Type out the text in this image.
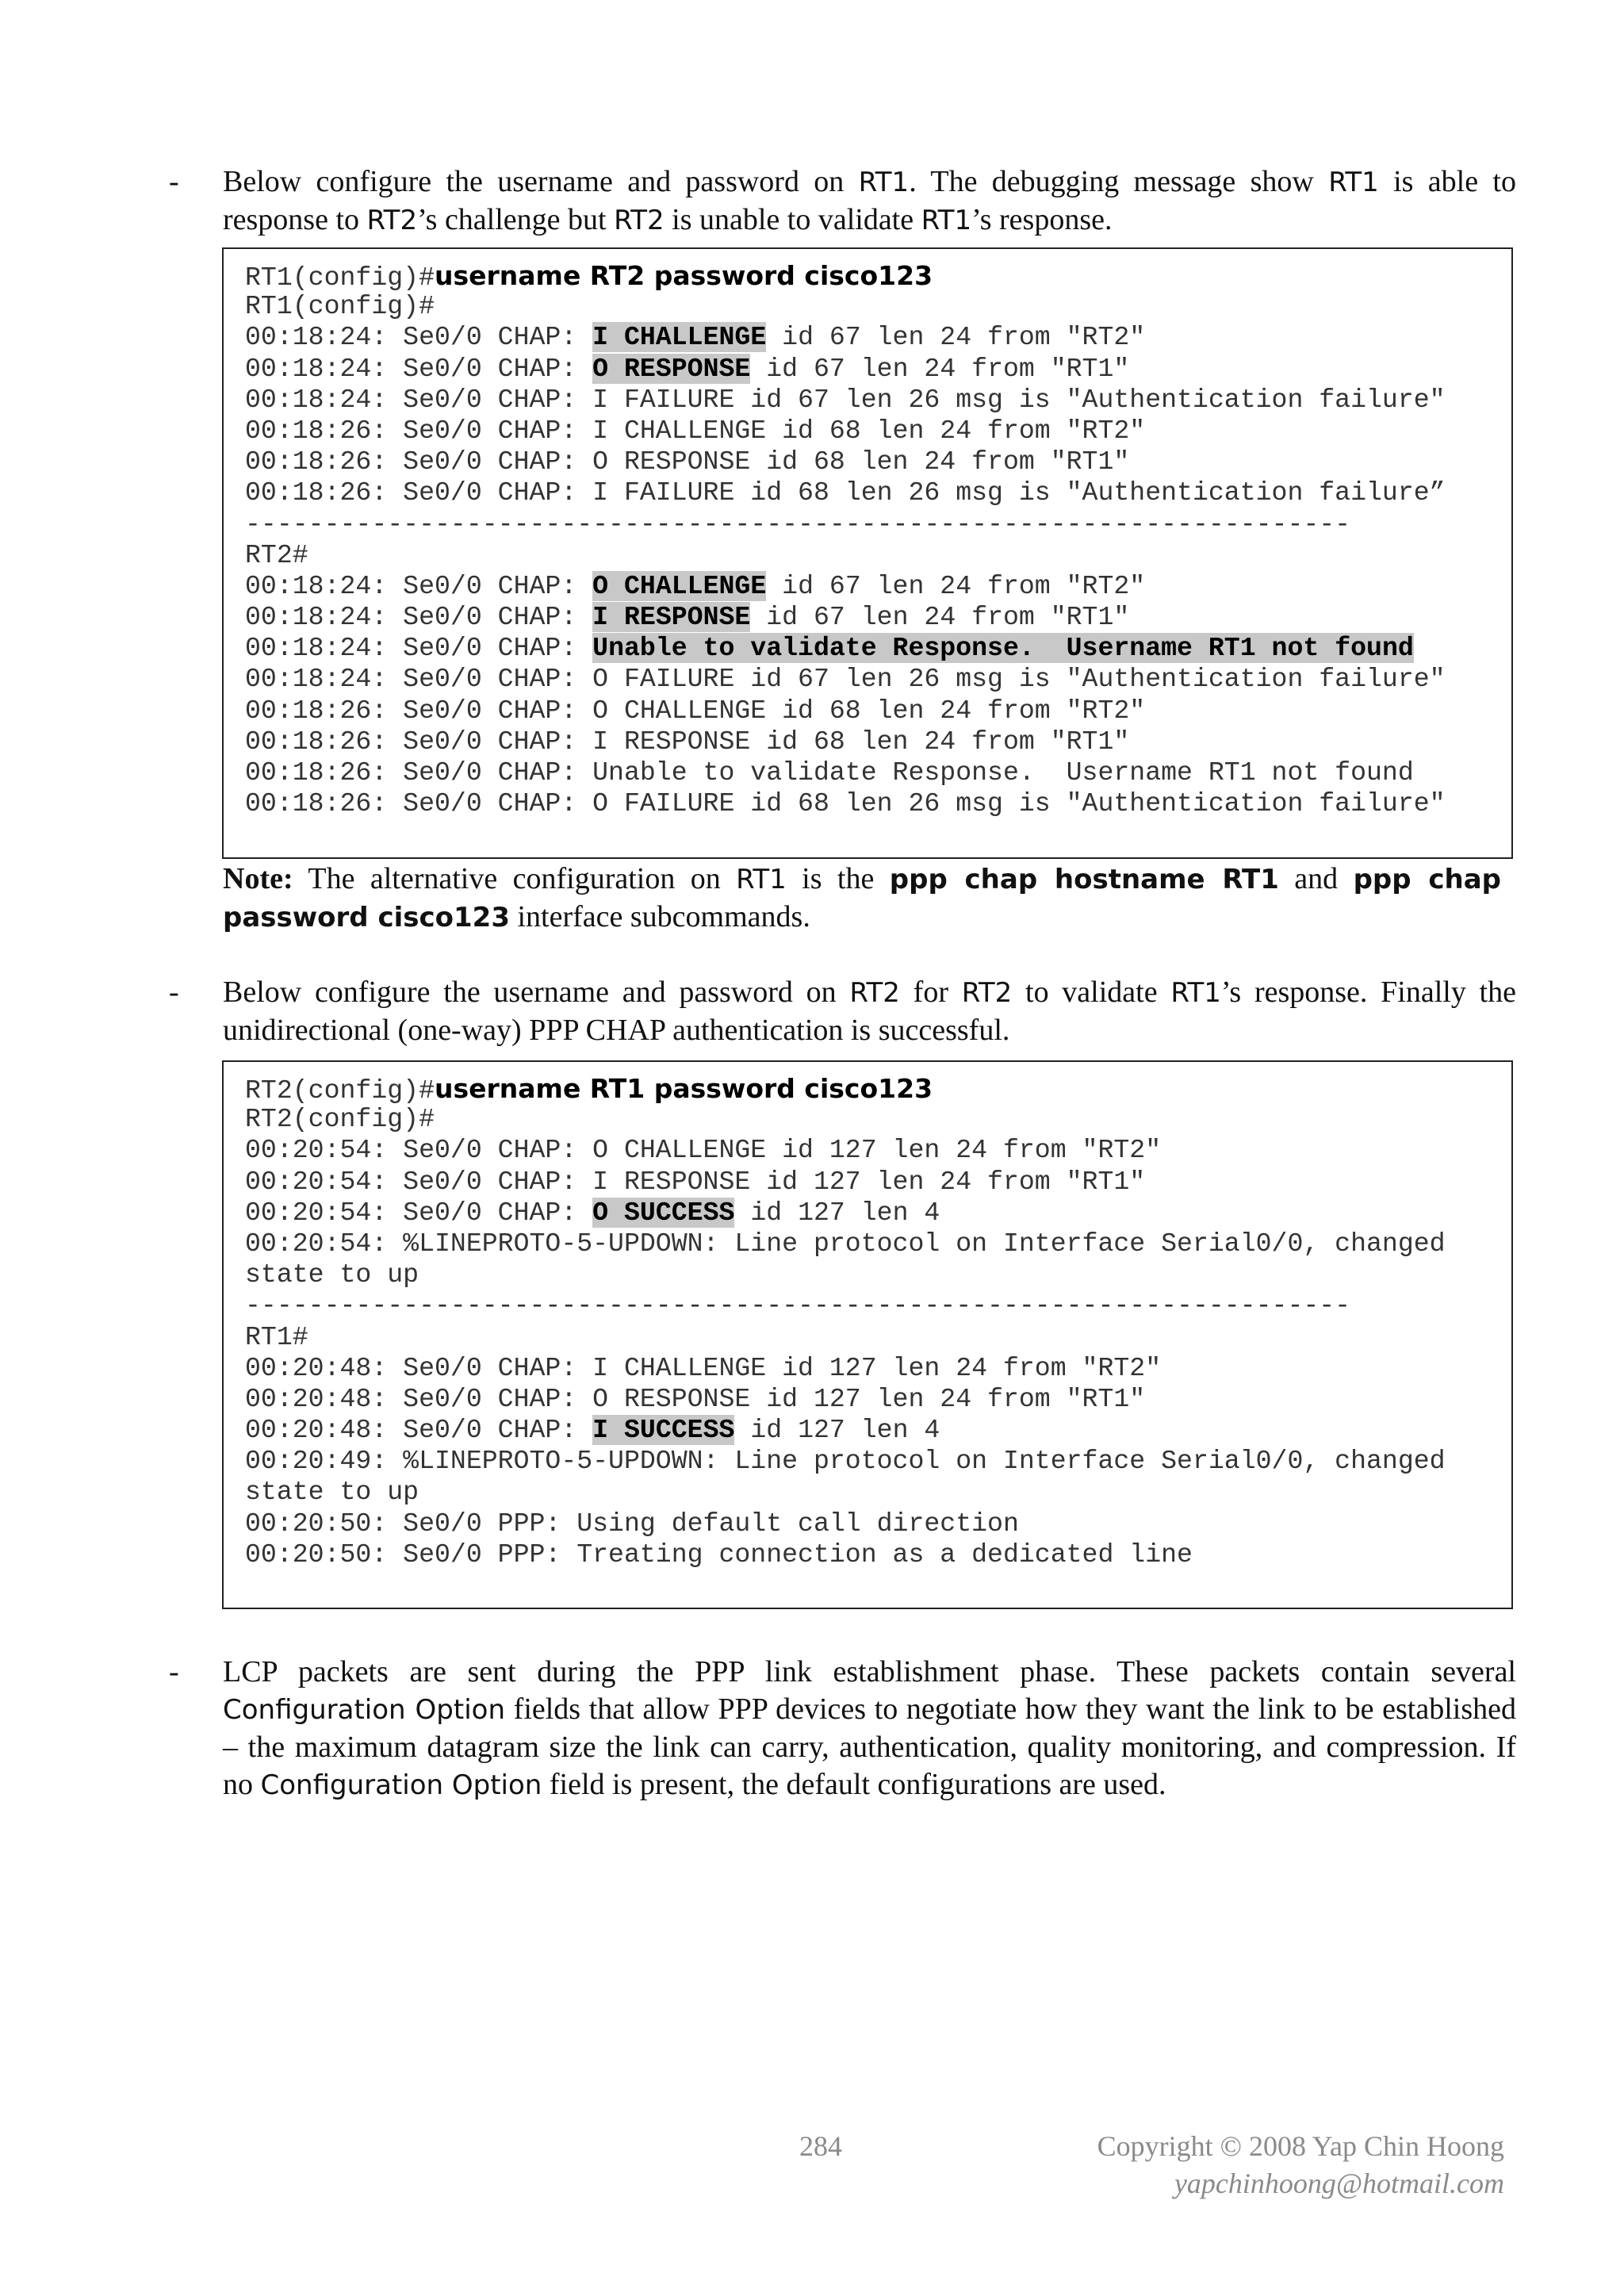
- Below configure the username and password on RT1. The debugging message show RT1 is able to response to RT2’s challenge but RT2 is unable to validate RT1’s response.
RT1(config)#username RT2 password cisco123
RT1(config)#
00:18:24: Se0/0 CHAP: I CHALLENGE id 67 len 24 from "RT2"
00:18:24: Se0/0 CHAP: O RESPONSE id 67 len 24 from "RT1"
00:18:24: Se0/0 CHAP: I FAILURE id 67 len 26 msg is "Authentication failure"
00:18:26: Se0/0 CHAP: I CHALLENGE id 68 len 24 from "RT2"
00:18:26: Se0/0 CHAP: O RESPONSE id 68 len 24 from "RT1"
00:18:26: Se0/0 CHAP: I FAILURE id 68 len 26 msg is "Authentication failure”
----------------------------------------------------------------------
RT2#
00:18:24: Se0/0 CHAP: O CHALLENGE id 67 len 24 from "RT2"
00:18:24: Se0/0 CHAP: I RESPONSE id 67 len 24 from "RT1"
00:18:24: Se0/0 CHAP: Unable to validate Response.  Username RT1 not found
00:18:24: Se0/0 CHAP: O FAILURE id 67 len 26 msg is "Authentication failure"
00:18:26: Se0/0 CHAP: O CHALLENGE id 68 len 24 from "RT2"
00:18:26: Se0/0 CHAP: I RESPONSE id 68 len 24 from "RT1"
00:18:26: Se0/0 CHAP: Unable to validate Response.  Username RT1 not found
00:18:26: Se0/0 CHAP: O FAILURE id 68 len 26 msg is "Authentication failure"
Note: The alternative configuration on RT1 is the ppp chap hostname RT1 and ppp chap password cisco123 interface subcommands.
- Below configure the username and password on RT2 for RT2 to validate RT1’s response. Finally the unidirectional (one-way) PPP CHAP authentication is successful.
RT2(config)#username RT1 password cisco123
RT2(config)#
00:20:54: Se0/0 CHAP: O CHALLENGE id 127 len 24 from "RT2"
00:20:54: Se0/0 CHAP: I RESPONSE id 127 len 24 from "RT1"
00:20:54: Se0/0 CHAP: O SUCCESS id 127 len 4
00:20:54: %LINEPROTO-5-UPDOWN: Line protocol on Interface Serial0/0, changed
state to up
----------------------------------------------------------------------
RT1#
00:20:48: Se0/0 CHAP: I CHALLENGE id 127 len 24 from "RT2"
00:20:48: Se0/0 CHAP: O RESPONSE id 127 len 24 from "RT1"
00:20:48: Se0/0 CHAP: I SUCCESS id 127 len 4
00:20:49: %LINEPROTO-5-UPDOWN: Line protocol on Interface Serial0/0, changed
state to up
00:20:50: Se0/0 PPP: Using default call direction
00:20:50: Se0/0 PPP: Treating connection as a dedicated line
- LCP packets are sent during the PPP link establishment phase. These packets contain several Configuration Option fields that allow PPP devices to negotiate how they want the link to be established – the maximum datagram size the link can carry, authentication, quality monitoring, and compression. If no Configuration Option field is present, the default configurations are used.
284	Copyright © 2008 Yap Chin Hoong
yapchinhoong@hotmail.com
